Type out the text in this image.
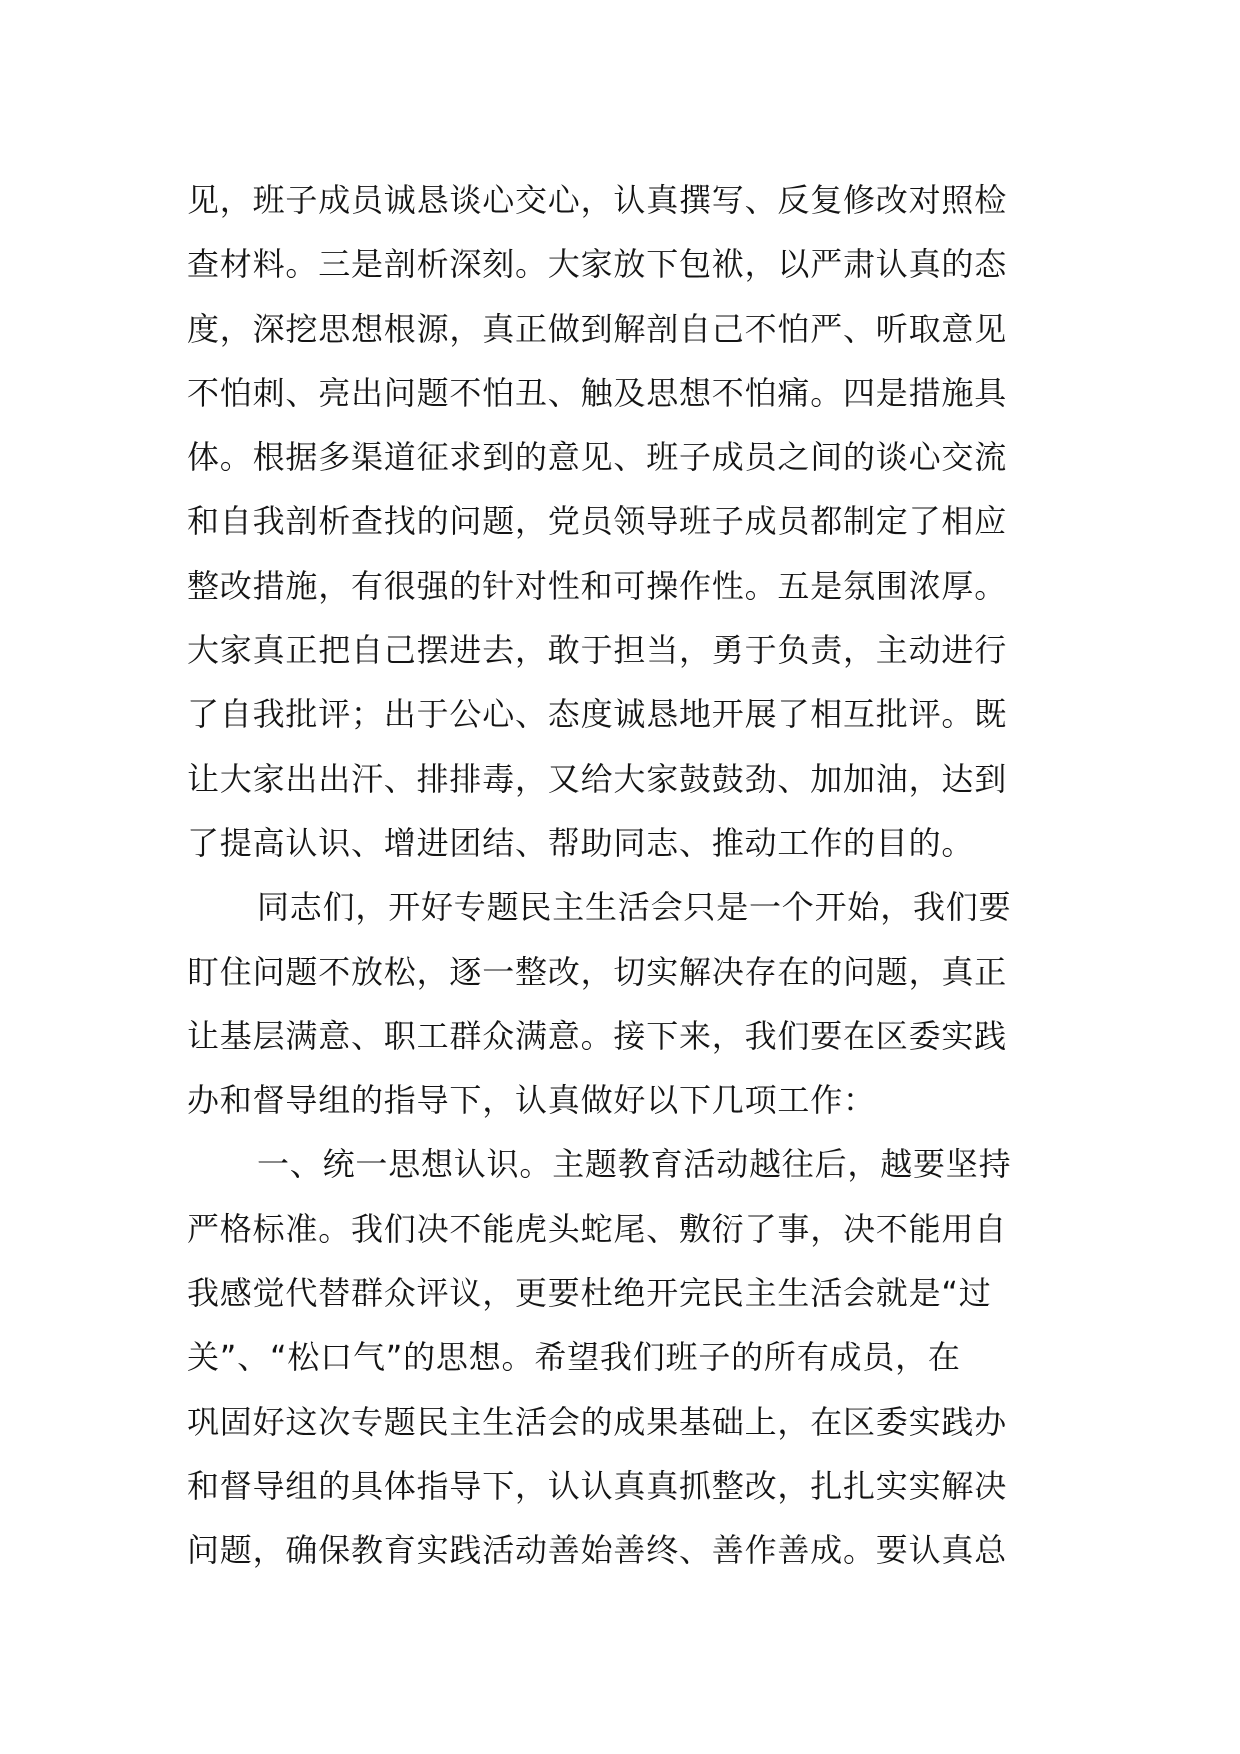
见，班子成员诚恳谈心交心，认真撰写、反复修改对照检
查材料。三是剖析深刻。大家放下包袱，以严肃认真的态
度，深挖思想根源，真正做到解剖自己不怕严、听取意见
不怕刺、亮出问题不怕丑、触及思想不怕痛。四是措施具
体。根据多渠道征求到的意见、班子成员之间的谈心交流
和自我剖析查找的问题，党员领导班子成员都制定了相应
整改措施，有很强的针对性和可操作性。五是氛围浓厚。
大家真正把自己摆进去，敢于担当，勇于负责，主动进行
了自我批评；出于公心、态度诚恳地开展了相互批评。既
让大家出出汗、排排毒，又给大家鼓鼓劲、加加油，达到
了提高认识、增进团结、帮助同志、推动工作的目的。
同志们，开好专题民主生活会只是一个开始，我们要
盯住问题不放松，逐一整改，切实解决存在的问题，真正
让基层满意、职工群众满意。接下来，我们要在区委实践
办和督导组的指导下，认真做好以下几项工作：
一、统一思想认识。主题教育活动越往后，越要坚持
严格标准。我们决不能虎头蛇尾、敷衍了事，决不能用自
我感觉代替群众评议，更要杜绝开完民主生活会就是“过
关”、“松口气”的思想。希望我们班子的所有成员，在
巩固好这次专题民主生活会的成果基础上，在区委实践办
和督导组的具体指导下，认认真真抓整改，扎扎实实解决
问题，确保教育实践活动善始善终、善作善成。要认真总
